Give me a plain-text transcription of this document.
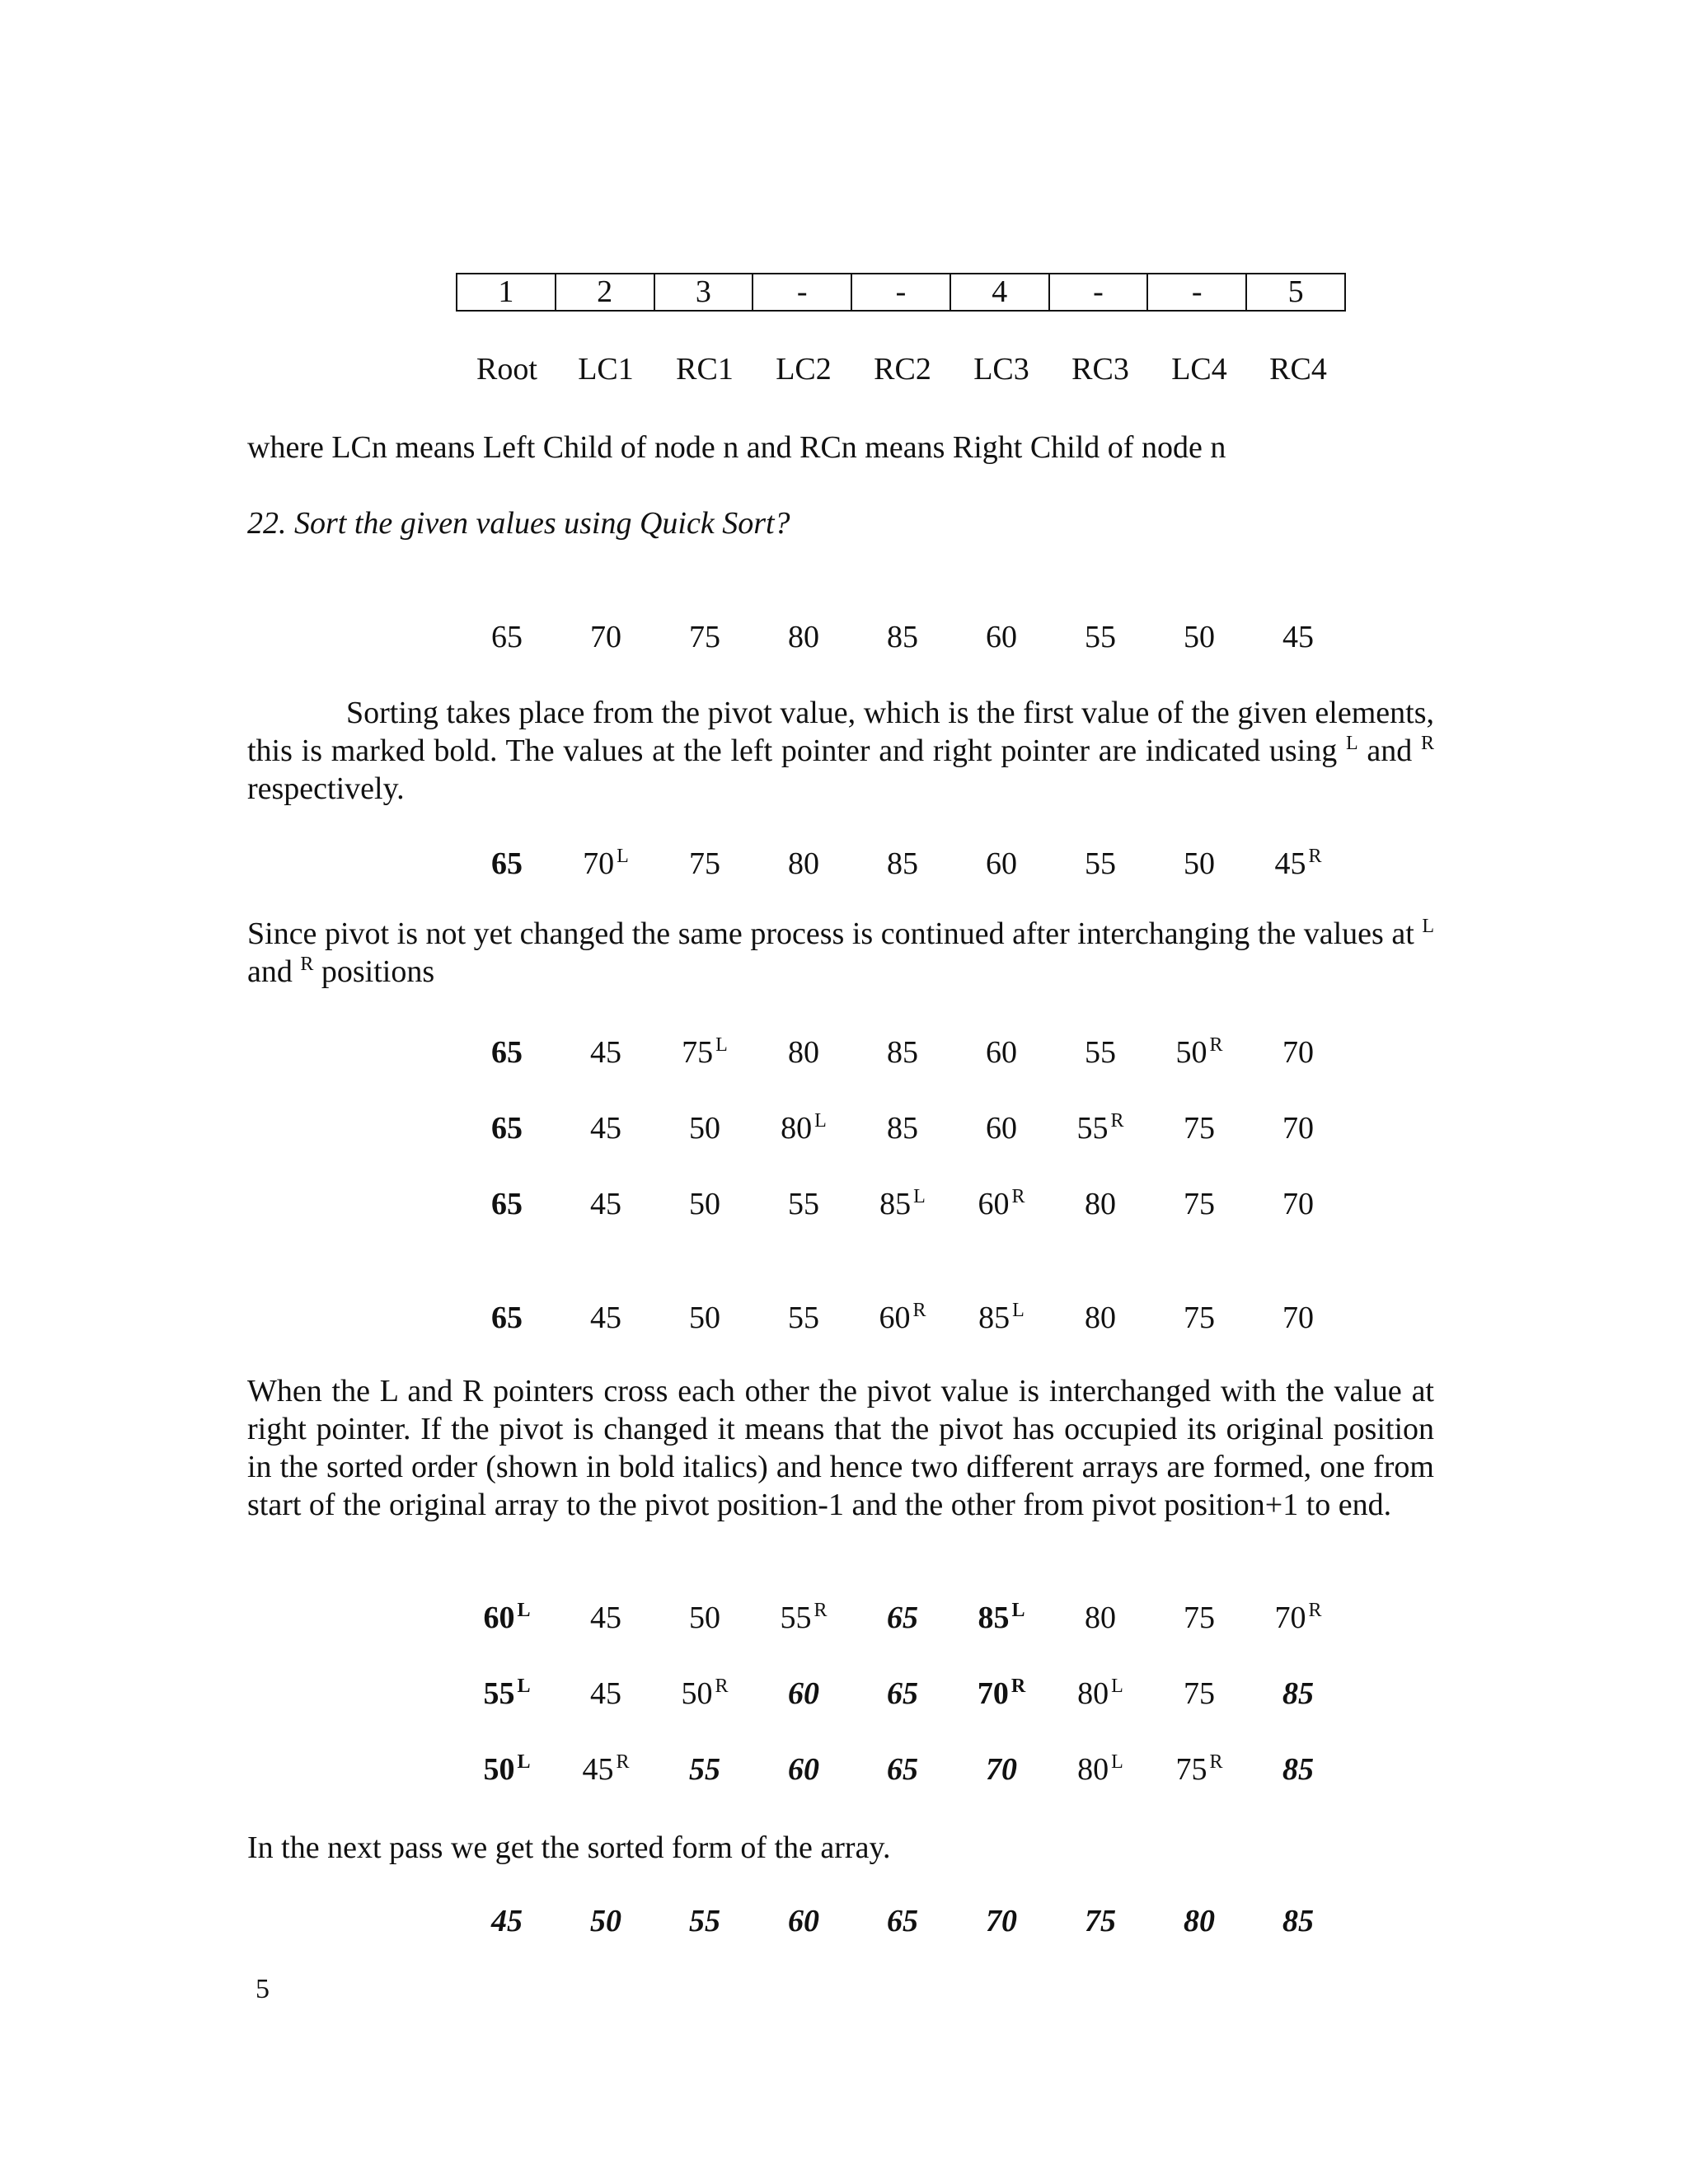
1	2	3	-	-	4	-	-	5
Root	LC1	RC1	LC2	RC2	LC3	RC3	LC4	RC4
where LCn means Left Child of node n and RCn means Right Child of node n
22. Sort the given values using Quick Sort?
65	70	75	80	85	60	55	50	45
Sorting takes place from the pivot value, which is the first value of the given elements, this is marked bold. The values at the left pointer and right pointer are indicated using $^L$ and $^R$ respectively.
65	70 $^L$	75	80	85	60	55	50	45 $^R$
Since pivot is not yet changed the same process is continued after interchanging the values at $^L$ and $^R$ positions
65	45	75 $^L$	80	85	60	55	50 $^R$	70
65	45	50	80 $^L$	85	60	55 $^R$	75	70
65	45	50	55	85 $^L$	60 $^R$	80	75	70
65	45	50	55	60 $^R$	85 $^L$	80	75	70
When the L and R pointers cross each other the pivot value is interchanged with the value at right pointer. If the pivot is changed it means that the pivot has occupied its original position in the sorted order (shown in bold italics) and hence two different arrays are formed, one from start of the original array to the pivot position-1 and the other from pivot position+1 to end.
60 $^L$	45	50	55 $^R$	65	85 $^L$	80	75	70 $^R$
55 $^L$	45	50 $^R$	60	65	70 $^R$	80 $^L$	75	85
50 $^L$	45 $^R$	55	60	65	70	80 $^L$	75 $^R$	85
In the next pass we get the sorted form of the array.
45	50	55	60	65	70	75	80	85
5
